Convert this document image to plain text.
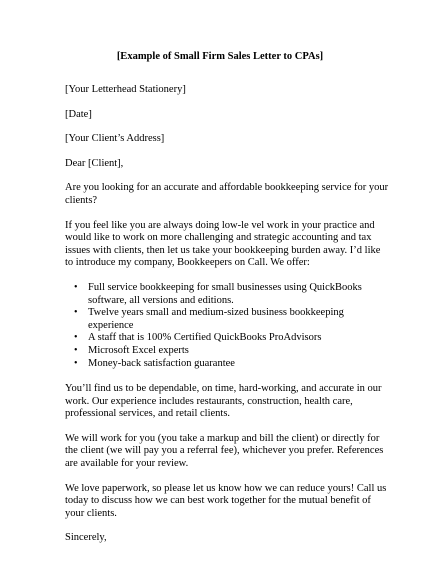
[Example of Small Firm Sales Letter to CPAs]

[Your Letterhead Stationery]

[Date]

[Your Client’s Address]

Dear [Client],

Are you looking for an accurate and affordable bookkeeping service for your clients?

If you feel like you are always doing low-le vel work in your practice and would like to work on more challenging and strategic accounting and tax issues with clients, then let us take your bookkeeping burden away. I’d like to introduce my company, Bookkeepers on Call. We offer:

• Full service bookkeeping for small businesses using QuickBooks software, all versions and editions.
• Twelve years small and medium-sized business bookkeeping experience
• A staff that is 100% Certified QuickBooks ProAdvisors
• Microsoft Excel experts
• Money-back satisfaction guarantee

You’ll find us to be dependable, on time, hard-working, and accurate in our work. Our experience includes restaurants, construction, health care, professional services, and retail clients.

We will work for you (you take a markup and bill the client) or directly for the client (we will pay you a referral fee), whichever you prefer. References are available for your review.

We love paperwork, so please let us know how we can reduce yours! Call us today to discuss how we can best work together for the mutual benefit of your clients.

Sincerely,
